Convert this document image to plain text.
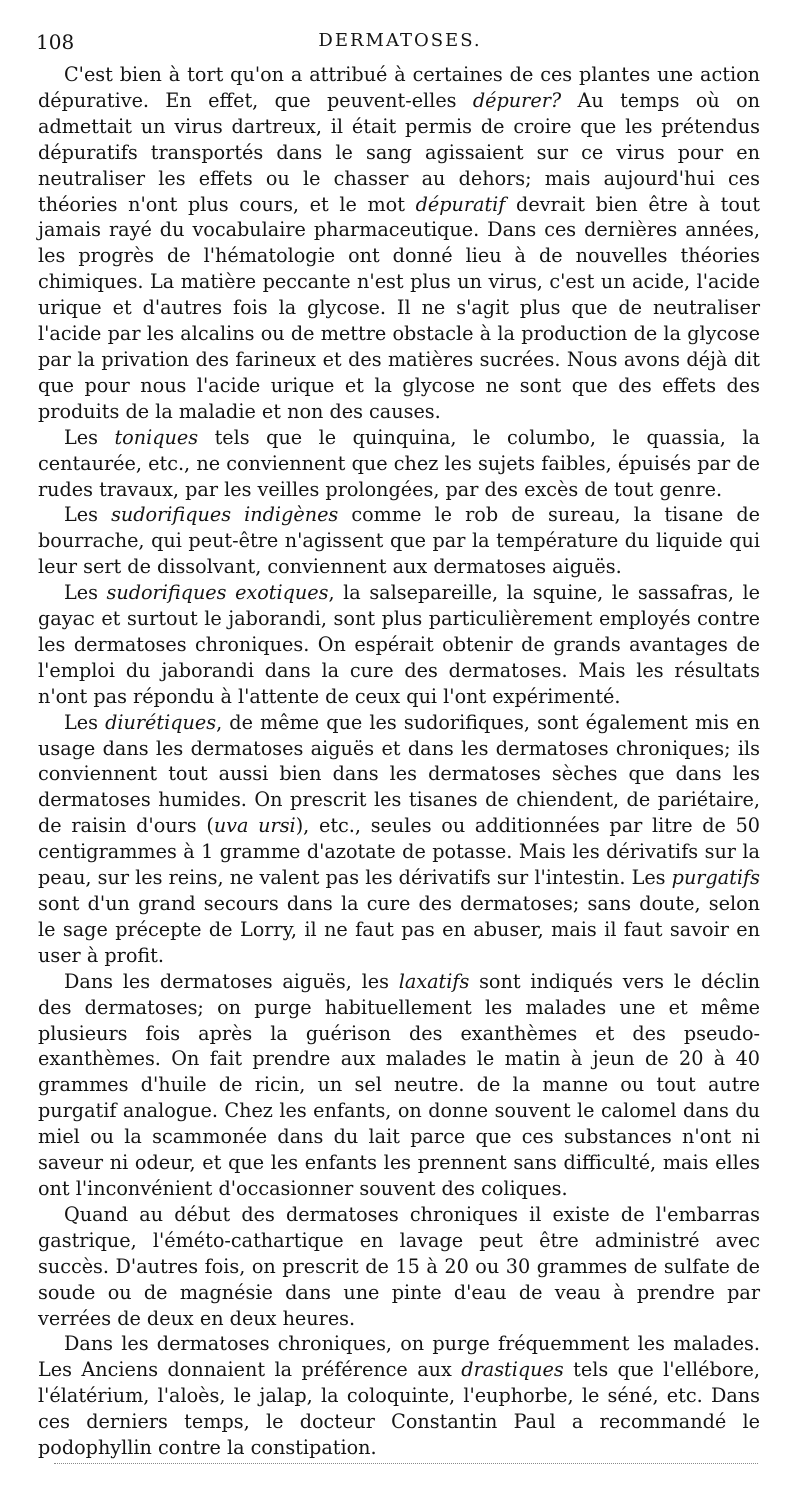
108	DERMATOSES.

C'est bien à tort qu'on a attribué à certaines de ces plantes une action dépurative. En effet, que peuvent-elles dépurer? Au temps où on admettait un virus dartreux, il était permis de croire que les prétendus dépuratifs transportés dans le sang agissaient sur ce virus pour en neutraliser les effets ou le chasser au dehors; mais aujourd'hui ces théories n'ont plus cours, et le mot dépuratif devrait bien être à tout jamais rayé du vocabulaire pharmaceutique. Dans ces dernières années, les progrès de l'hématologie ont donné lieu à de nouvelles théories chimiques. La matière peccante n'est plus un virus, c'est un acide, l'acide urique et d'autres fois la glycose. Il ne s'agit plus que de neutraliser l'acide par les alcalins ou de mettre obstacle à la production de la glycose par la privation des farineux et des matières sucrées. Nous avons déjà dit que pour nous l'acide urique et la glycose ne sont que des effets des produits de la maladie et non des causes.

Les toniques tels que le quinquina, le columbo, le quassia, la centaurée, etc., ne conviennent que chez les sujets faibles, épuisés par de rudes travaux, par les veilles prolongées, par des excès de tout genre.

Les sudorifiques indigènes comme le rob de sureau, la tisane de bourrache, qui peut-être n'agissent que par la température du liquide qui leur sert de dissolvant, conviennent aux dermatoses aiguës.

Les sudorifiques exotiques, la salsepareille, la squine, le sassafras, le gayac et surtout le jaborandi, sont plus particulièrement employés contre les dermatoses chroniques. On espérait obtenir de grands avantages de l'emploi du jaborandi dans la cure des dermatoses. Mais les résultats n'ont pas répondu à l'attente de ceux qui l'ont expérimenté.

Les diurétiques, de même que les sudorifiques, sont également mis en usage dans les dermatoses aiguës et dans les dermatoses chroniques; ils conviennent tout aussi bien dans les dermatoses sèches que dans les dermatoses humides. On prescrit les tisanes de chiendent, de pariétaire, de raisin d'ours (uva ursi), etc., seules ou additionnées par litre de 50 centigrammes à 1 gramme d'azotate de potasse. Mais les dérivatifs sur la peau, sur les reins, ne valent pas les dérivatifs sur l'intestin. Les purgatifs sont d'un grand secours dans la cure des dermatoses; sans doute, selon le sage précepte de Lorry, il ne faut pas en abuser, mais il faut savoir en user à profit.

Dans les dermatoses aiguës, les laxatifs sont indiqués vers le déclin des dermatoses; on purge habituellement les malades une et même plusieurs fois après la guérison des exanthèmes et des pseudo-exanthèmes. On fait prendre aux malades le matin à jeun de 20 à 40 grammes d'huile de ricin, un sel neutre. de la manne ou tout autre purgatif analogue. Chez les enfants, on donne souvent le calomel dans du miel ou la scammonée dans du lait parce que ces substances n'ont ni saveur ni odeur, et que les enfants les prennent sans difficulté, mais elles ont l'inconvénient d'occasionner souvent des coliques.

Quand au début des dermatoses chroniques il existe de l'embarras gastrique, l'éméto-cathartique en lavage peut être administré avec succès. D'autres fois, on prescrit de 15 à 20 ou 30 grammes de sulfate de soude ou de magnésie dans une pinte d'eau de veau à prendre par verrées de deux en deux heures.

Dans les dermatoses chroniques, on purge fréquemment les malades. Les Anciens donnaient la préférence aux drastiques tels que l'ellébore, l'élatérium, l'aloès, le jalap, la coloquinte, l'euphorbe, le séné, etc. Dans ces derniers temps, le docteur Constantin Paul a recommandé le podophyllin contre la constipation.
